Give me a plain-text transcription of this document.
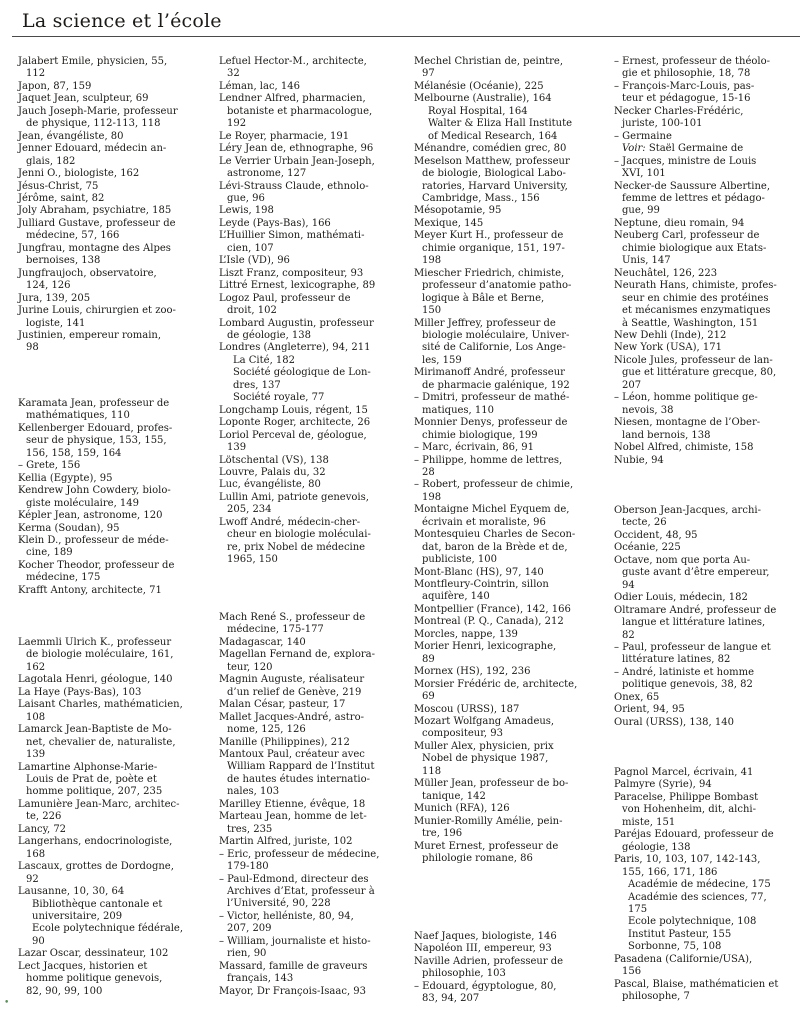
La science et l’école
Jalabert Emile, physicien, 55,
112
Japon, 87, 159
Jaquet Jean, sculpteur, 69
Jauch Joseph-Marie, professeur
de physique, 112-113, 118
Jean, évangéliste, 80
Jenner Edouard, médecin an-
glais, 182
Jenni O., biologiste, 162
Jésus-Christ, 75
Jérôme, saint, 82
Joly Abraham, psychiatre, 185
Julliard Gustave, professeur de
médecine, 57, 166
Jungfrau, montagne des Alpes
bernoises, 138
Jungfraujoch, observatoire,
124, 126
Jura, 139, 205
Jurine Louis, chirurgien et zoo-
logiste, 141
Justinien, empereur romain,
98
Karamata Jean, professeur de
mathématiques, 110
Kellenberger Edouard, profes-
seur de physique, 153, 155,
156, 158, 159, 164
– Grete, 156
Kellia (Egypte), 95
Kendrew John Cowdery, biolo-
giste moléculaire, 149
Képler Jean, astronome, 120
Kerma (Soudan), 95
Klein D., professeur de méde-
cine, 189
Kocher Theodor, professeur de
médecine, 175
Krafft Antony, architecte, 71
Laemmli Ulrich K., professeur
de biologie moléculaire, 161,
162
Lagotala Henri, géologue, 140
La Haye (Pays-Bas), 103
Laisant Charles, mathématicien,
108
Lamarck Jean-Baptiste de Mo-
net, chevalier de, naturaliste,
139
Lamartine Alphonse-Marie-
Louis de Prat de, poète et
homme politique, 207, 235
Lamunière Jean-Marc, architec-
te, 226
Lancy, 72
Langerhans, endocrinologiste,
168
Lascaux, grottes de Dordogne,
92
Lausanne, 10, 30, 64
Bibliothèque cantonale et
universitaire, 209
Ecole polytechnique fédérale,
90
Lazar Oscar, dessinateur, 102
Lect Jacques, historien et
homme politique genevois,
82, 90, 99, 100
Lefuel Hector-M., architecte,
32
Léman, lac, 146
Lendner Alfred, pharmacien,
botaniste et pharmacologue,
192
Le Royer, pharmacie, 191
Léry Jean de, ethnographe, 96
Le Verrier Urbain Jean-Joseph,
astronome, 127
Lévi-Strauss Claude, ethnolo-
gue, 96
Lewis, 198
Leyde (Pays-Bas), 166
L’Huillier Simon, mathémati-
cien, 107
L’Isle (VD), 96
Liszt Franz, compositeur, 93
Littré Ernest, lexicographe, 89
Logoz Paul, professeur de
droit, 102
Lombard Augustin, professeur
de géologie, 138
Londres (Angleterre), 94, 211
La Cité, 182
Société géologique de Lon-
dres, 137
Société royale, 77
Longchamp Louis, régent, 15
Loponte Roger, architecte, 26
Loriol Perceval de, géologue,
139
Lötschental (VS), 138
Louvre, Palais du, 32
Luc, évangéliste, 80
Lullin Ami, patriote genevois,
205, 234
Lwoff André, médecin-cher-
cheur en biologie moléculai-
re, prix Nobel de médecine
1965, 150
Mach René S., professeur de
médecine, 175-177
Madagascar, 140
Magellan Fernand de, explora-
teur, 120
Magnin Auguste, réalisateur
d’un relief de Genève, 219
Malan César, pasteur, 17
Mallet Jacques-André, astro-
nome, 125, 126
Manille (Philippines), 212
Mantoux Paul, créateur avec
William Rappard de l’Institut
de hautes études internatio-
nales, 103
Marilley Etienne, évêque, 18
Marteau Jean, homme de let-
tres, 235
Martin Alfred, juriste, 102
– Eric, professeur de médecine,
179-180
– Paul-Edmond, directeur des
Archives d’Etat, professeur à
l’Université, 90, 228
– Victor, helléniste, 80, 94,
207, 209
– William, journaliste et histo-
rien, 90
Massard, famille de graveurs
français, 143
Mayor, Dr François-Isaac, 93
Mechel Christian de, peintre,
97
Mélanésie (Océanie), 225
Melbourne (Australie), 164
Royal Hospital, 164
Walter & Eliza Hall Institute
of Medical Research, 164
Ménandre, comédien grec, 80
Meselson Matthew, professeur
de biologie, Biological Labo-
ratories, Harvard University,
Cambridge, Mass., 156
Mésopotamie, 95
Mexique, 145
Meyer Kurt H., professeur de
chimie organique, 151, 197-
198
Miescher Friedrich, chimiste,
professeur d’anatomie patho-
logique à Bâle et Berne,
150
Miller Jeffrey, professeur de
biologie moléculaire, Univer-
sité de Californie, Los Ange-
les, 159
Mirimanoff André, professeur
de pharmacie galénique, 192
– Dmitri, professeur de mathé-
matiques, 110
Monnier Denys, professeur de
chimie biologique, 199
– Marc, écrivain, 86, 91
– Philippe, homme de lettres,
28
– Robert, professeur de chimie,
198
Montaigne Michel Eyquem de,
écrivain et moraliste, 96
Montesquieu Charles de Secon-
dat, baron de la Brède et de,
publiciste, 100
Mont-Blanc (HS), 97, 140
Montfleury-Cointrin, sillon
aquifère, 140
Montpellier (France), 142, 166
Montreal (P. Q., Canada), 212
Morcles, nappe, 139
Morier Henri, lexicographe,
89
Mornex (HS), 192, 236
Morsier Frédéric de, architecte,
69
Moscou (URSS), 187
Mozart Wolfgang Amadeus,
compositeur, 93
Muller Alex, physicien, prix
Nobel de physique 1987,
118
Müller Jean, professeur de bo-
tanique, 142
Munich (RFA), 126
Munier-Romilly Amélie, pein-
tre, 196
Muret Ernest, professeur de
philologie romane, 86
Naef Jaques, biologiste, 146
Napoléon III, empereur, 93
Naville Adrien, professeur de
philosophie, 103
– Edouard, égyptologue, 80,
83, 94, 207
– Ernest, professeur de théolo-
gie et philosophie, 18, 78
– François-Marc-Louis, pas-
teur et pédagogue, 15-16
Necker Charles-Frédéric,
juriste, 100-101
– Germaine
Voir: Staël Germaine de
– Jacques, ministre de Louis
XVI, 101
Necker-de Saussure Albertine,
femme de lettres et pédago-
gue, 99
Neptune, dieu romain, 94
Neuberg Carl, professeur de
chimie biologique aux Etats-
Unis, 147
Neuchâtel, 126, 223
Neurath Hans, chimiste, profes-
seur en chimie des protéines
et mécanismes enzymatiques
à Seattle, Washington, 151
New Dehli (Inde), 212
New York (USA), 171
Nicole Jules, professeur de lan-
gue et littérature grecque, 80,
207
– Léon, homme politique ge-
nevois, 38
Niesen, montagne de l’Ober-
land bernois, 138
Nobel Alfred, chimiste, 158
Nubie, 94
Oberson Jean-Jacques, archi-
tecte, 26
Occident, 48, 95
Océanie, 225
Octave, nom que porta Au-
guste avant d’être empereur,
94
Odier Louis, médecin, 182
Oltramare André, professeur de
langue et littérature latines,
82
– Paul, professeur de langue et
littérature latines, 82
– André, latiniste et homme
politique genevois, 38, 82
Onex, 65
Orient, 94, 95
Oural (URSS), 138, 140
Pagnol Marcel, écrivain, 41
Palmyre (Syrie), 94
Paracelse, Philippe Bombast
von Hohenheim, dit, alchi-
miste, 151
Paréjas Edouard, professeur de
géologie, 138
Paris, 10, 103, 107, 142-143,
155, 166, 171, 186
Académie de médecine, 175
Académie des sciences, 77,
175
Ecole polytechnique, 108
Institut Pasteur, 155
Sorbonne, 75, 108
Pasadena (Californie/USA),
156
Pascal, Blaise, mathématicien et
philosophe, 7
•
